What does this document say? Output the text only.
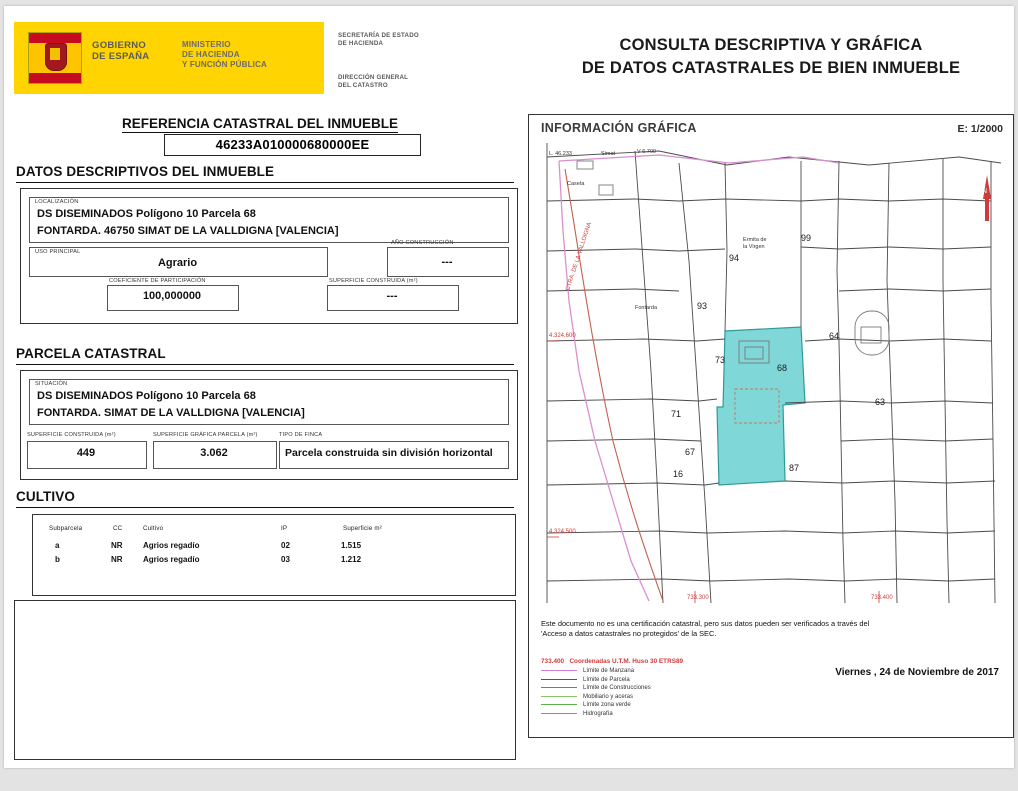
GOBIERNO
DE ESPAÑA
MINISTERIO
DE HACIENDA
Y FUNCIÓN PÚBLICA
SECRETARÍA DE ESTADO
DE HACIENDA
DIRECCIÓN GENERAL
DEL CATASTRO
CONSULTA DESCRIPTIVA Y GRÁFICA
DE DATOS CATASTRALES DE BIEN INMUEBLE
REFERENCIA CATASTRAL DEL INMUEBLE
46233A010000680000EE
DATOS DESCRIPTIVOS DEL INMUEBLE
LOCALIZACIÓN
DS DISEMINADOS Polígono 10 Parcela 68
FONTARDA. 46750 SIMAT DE LA VALLDIGNA [VALENCIA]
USO PRINCIPAL
Agrario
AÑO CONSTRUCCIÓN
---
COEFICIENTE DE PARTICIPACIÓN
100,000000
SUPERFICIE CONSTRUIDA (m²)
---
PARCELA CATASTRAL
SITUACIÓN
DS DISEMINADOS Polígono 10 Parcela 68
FONTARDA. SIMAT DE LA VALLDIGNA [VALENCIA]
SUPERFICIE CONSTRUIDA (m²)
449
SUPERFICIE GRÁFICA PARCELA (m²)
3.062
TIPO DE FINCA
Parcela construida sin división horizontal
CULTIVO
Subparcela	CC	Cultivo	IP	Superficie m²
a	NR	Agrios regadío	02	1.515
b	NR	Agrios regadío	03	1.212
INFORMACIÓN GRÁFICA	E: 1/2000
4.324.600
4.324.500
733.300	733.400
99
94
93
73
68
64
63
67
87
71
16
Fontarda
Ermita de
la Virgen
Caseta
L. 46.233	Simat	V-6.700
CTRA. DE LA VALLDIGNA
N
Este documento no es una certificación catastral, pero sus datos pueden ser verificados a través del
'Acceso a datos catastrales no protegidos' de la SEC.
733.400 Coordenadas U.T.M. Huso 30 ETRS89
Límite de Manzana
Límite de Parcela
Límite de Construcciones
Mobiliario y aceras
Límite zona verde
Hidrografía
Viernes , 24 de Noviembre de 2017
